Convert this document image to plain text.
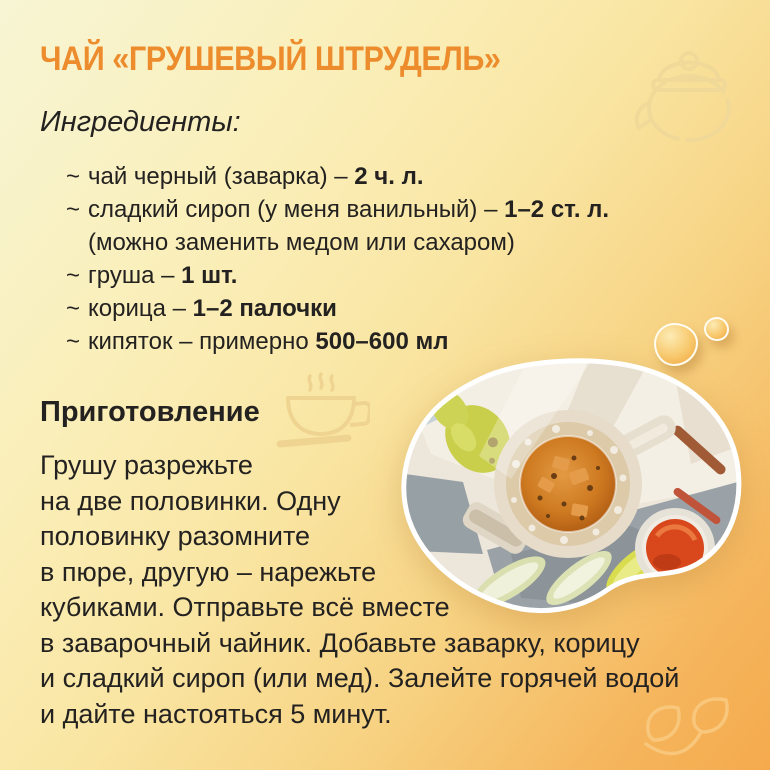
ЧАЙ «ГРУШЕВЫЙ ШТРУДЕЛЬ»
Ингредиенты:
~ чай черный (заварка) – 2 ч. л.
~ сладкий сироп (у меня ванильный) – 1–2 ст. л.
(можно заменить медом или сахаром)
~ груша – 1 шт.
~ корица – 1–2 палочки
~ кипяток – примерно 500–600 мл
Приготовление
Грушу разрежьте
на две половинки. Одну
половинку разомните
в пюре, другую – нарежьте
кубиками. Отправьте всё вместе
в заварочный чайник. Добавьте заварку, корицу
и сладкий сироп (или мед). Залейте горячей водой
и дайте настояться 5 минут.
